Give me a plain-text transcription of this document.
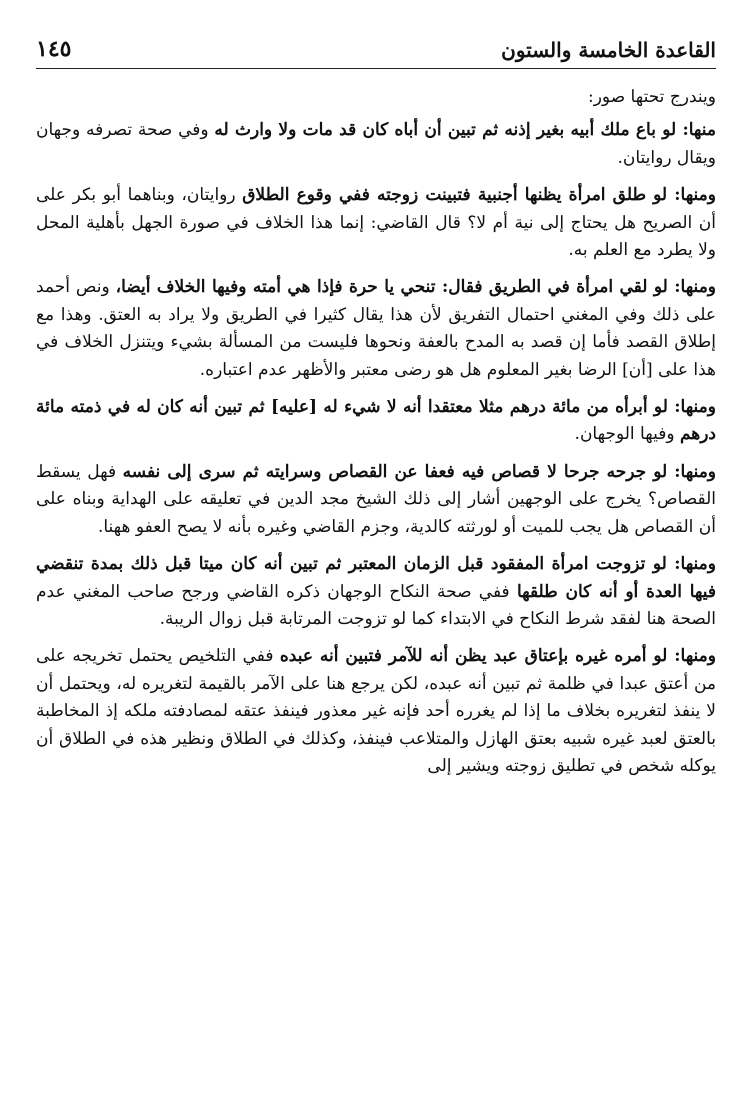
القاعدة الخامسة والستون
١٤٥

ويندرج تحتها صور:

منها: لو باع ملك أبيه بغير إذنه ثم تبين أن أباه كان قد مات ولا وارث له وفي صحة تصرفه وجهان ويقال روايتان.

ومنها: لو طلق امرأة يظنها أجنبية فتبينت زوجته ففي وقوع الطلاق روايتان، وبناهما أبو بكر على أن الصريح هل يحتاج إلى نية أم لا؟ قال القاضي: إنما هذا الخلاف في صورة الجهل بأهلية المحل ولا يطرد مع العلم به.

ومنها: لو لقي امرأة في الطريق فقال: تنحي يا حرة فإذا هي أمته وفيها الخلاف أيضا، ونص أحمد على ذلك وفي المغني احتمال التفريق لأن هذا يقال كثيرا في الطريق ولا يراد به العتق. وهذا مع إطلاق القصد فأما إن قصد به المدح بالعفة ونحوها فليست من المسألة بشيء ويتنزل الخلاف في هذا على [أن] الرضا بغير المعلوم هل هو رضى معتبر والأظهر عدم اعتباره.

ومنها: لو أبرأه من مائة درهم مثلا معتقدا أنه لا شيء له [عليه] ثم تبين أنه كان له في ذمته مائة درهم وفيها الوجهان.

ومنها: لو جرحه جرحا لا قصاص فيه فعفا عن القصاص وسرايته ثم سرى إلى نفسه فهل يسقط القصاص؟ يخرج على الوجهين أشار إلى ذلك الشيخ مجد الدين في تعليقه على الهداية وبناه على أن القصاص هل يجب للميت أو لورثته كالدية، وجزم القاضي وغيره بأنه لا يصح العفو ههنا.

ومنها: لو تزوجت امرأة المفقود قبل الزمان المعتبر ثم تبين أنه كان ميتا قبل ذلك بمدة تنقضي فيها العدة أو أنه كان طلقها ففي صحة النكاح الوجهان ذكره القاضي ورجح صاحب المغني عدم الصحة هنا لفقد شرط النكاح في الابتداء كما لو تزوجت المرتابة قبل زوال الريبة.

ومنها: لو أمره غيره بإعتاق عبد يظن أنه للآمر فتبين أنه عبده ففي التلخيص يحتمل تخريجه على من أعتق عبدا في ظلمة ثم تبين أنه عبده، لكن يرجع هنا على الآمر بالقيمة لتغريره له، ويحتمل أن لا ينفذ لتغريره بخلاف ما إذا لم يغرره أحد فإنه غير معذور فينفذ عتقه لمصادفته ملكه إذ المخاطبة بالعتق لعبد غيره شبيه بعتق الهازل والمتلاعب فينفذ، وكذلك في الطلاق ونظير هذه في الطلاق أن يوكله شخص في تطليق زوجته ويشير إلى
